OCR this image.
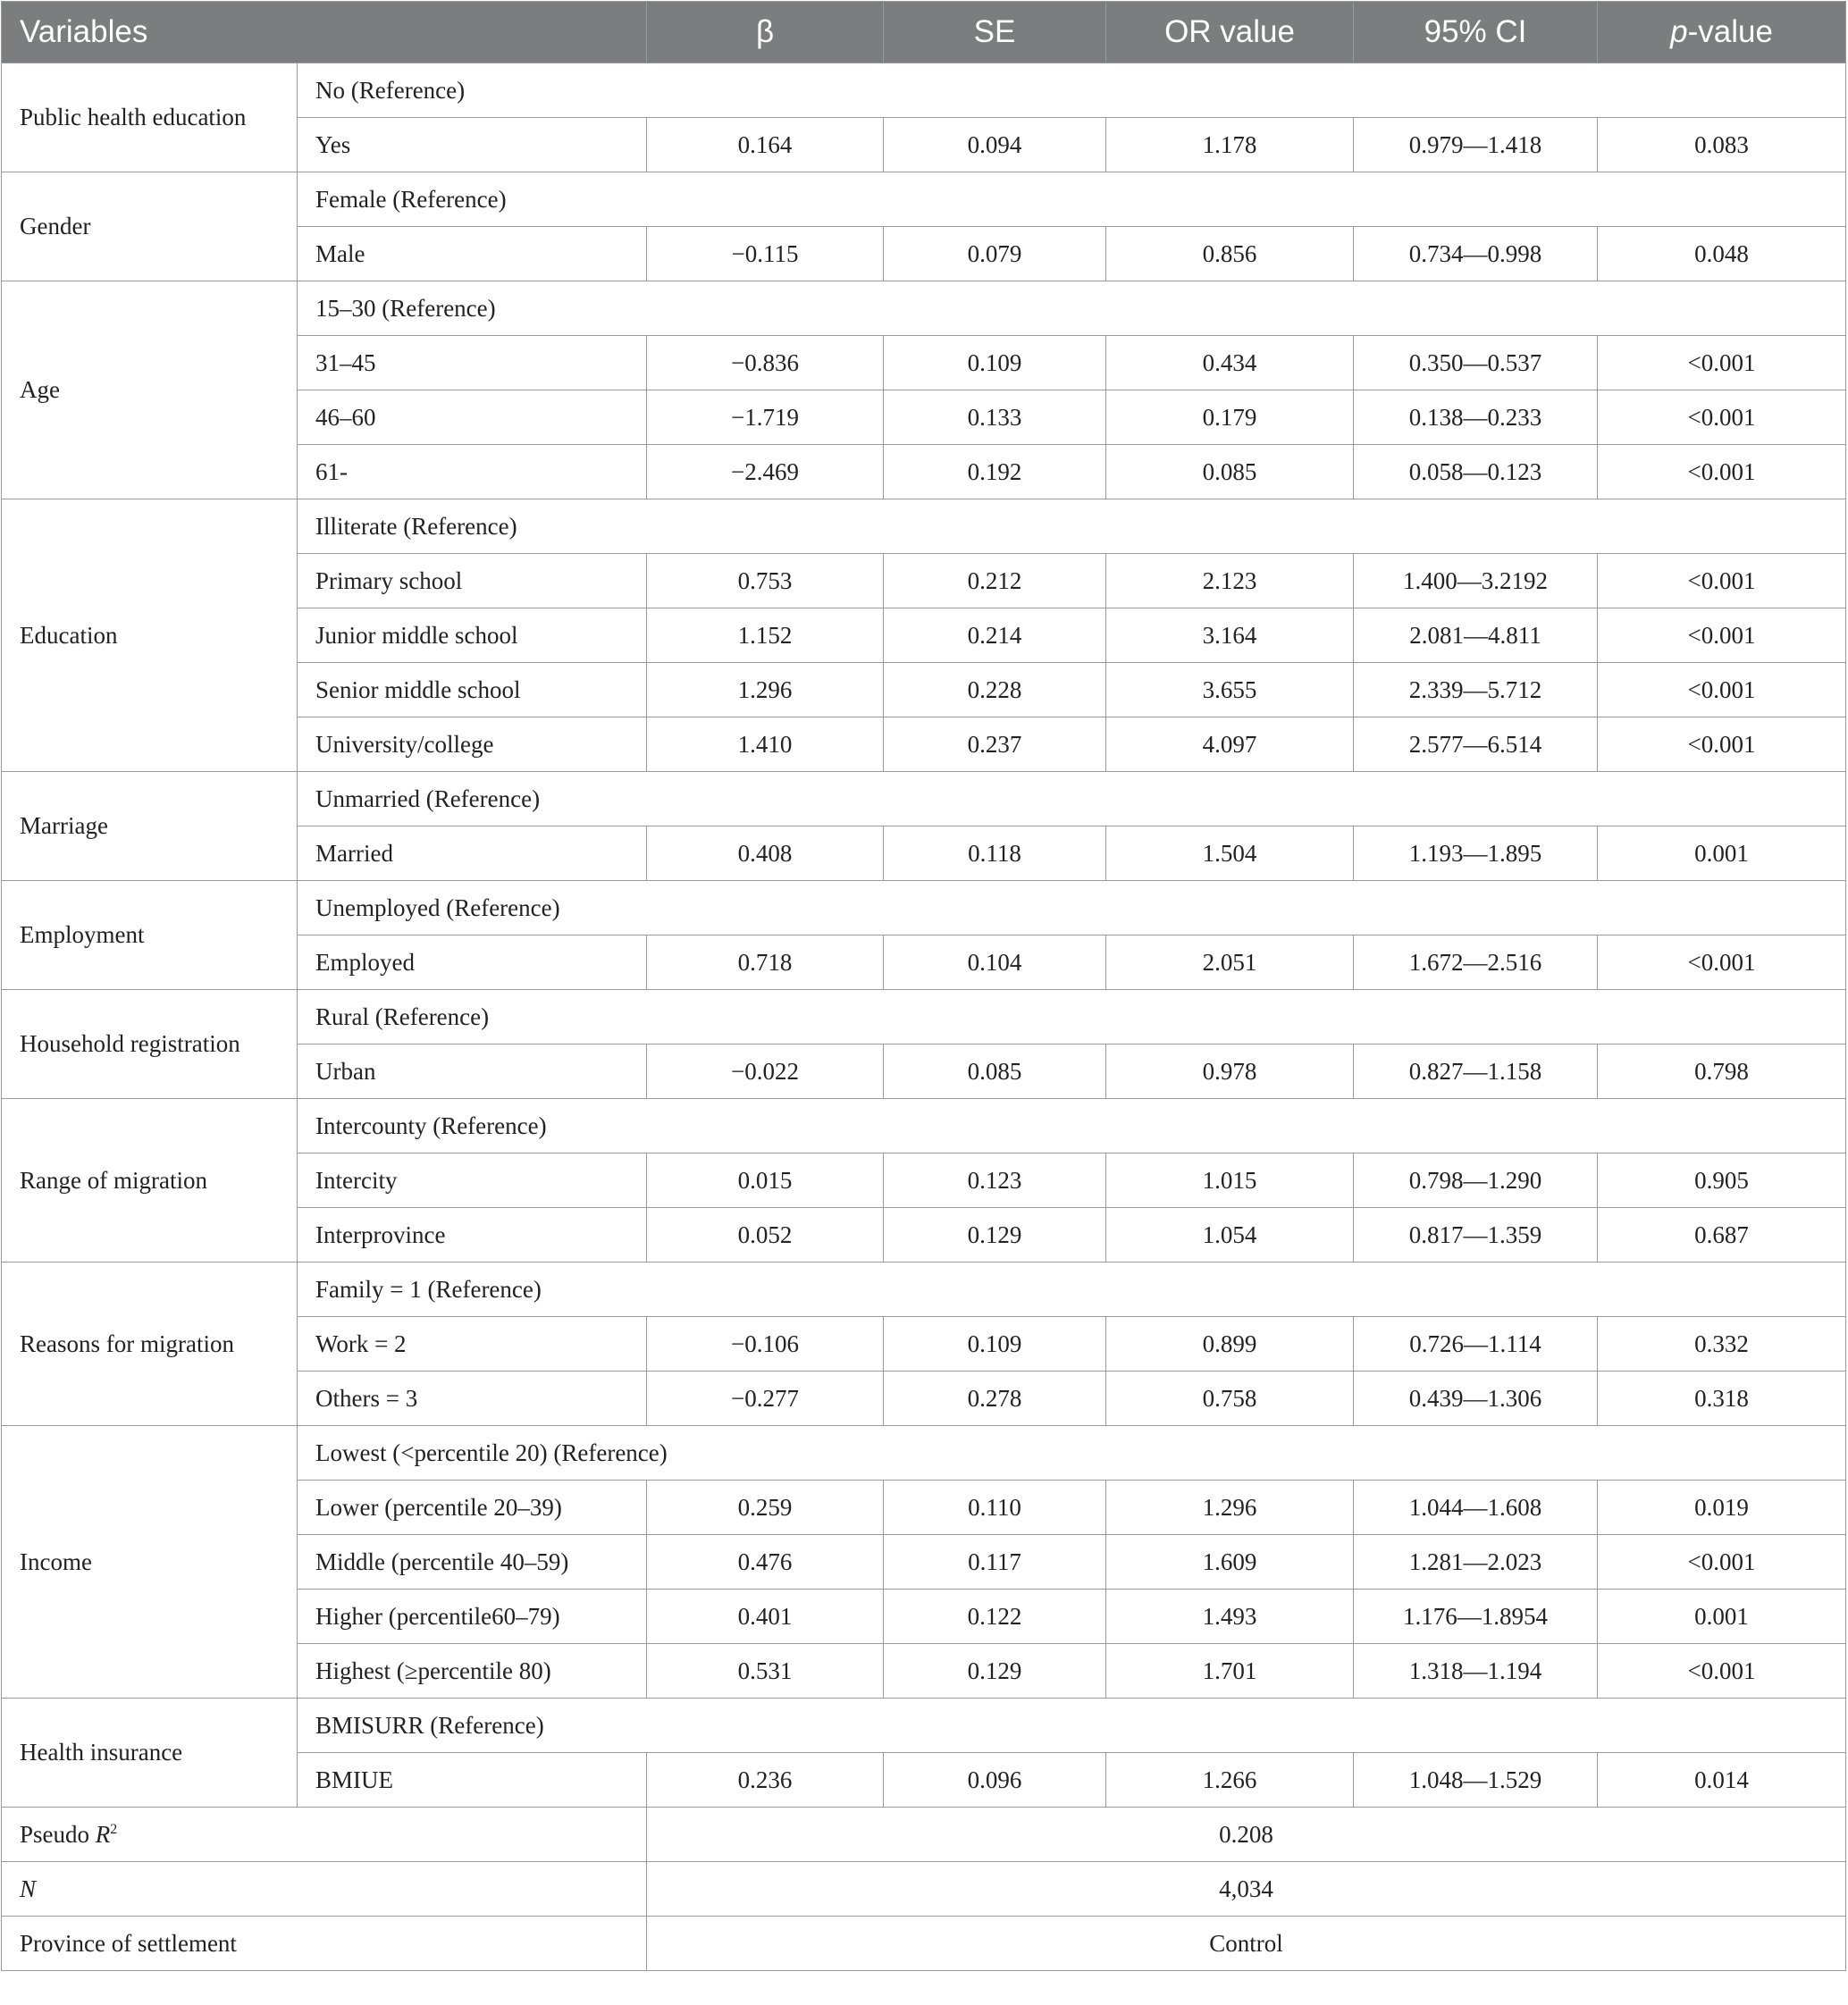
Variables		β	SE	OR value	95% CI	p-value
Public health education	No (Reference)					
	Yes	0.164	0.094	1.178	0.979—1.418	0.083
Gender	Female (Reference)					
	Male	−0.115	0.079	0.856	0.734—0.998	0.048
Age	15–30 (Reference)					
	31–45	−0.836	0.109	0.434	0.350—0.537	<0.001
	46–60	−1.719	0.133	0.179	0.138—0.233	<0.001
	61-	−2.469	0.192	0.085	0.058—0.123	<0.001
Education	Illiterate (Reference)					
	Primary school	0.753	0.212	2.123	1.400—3.2192	<0.001
	Junior middle school	1.152	0.214	3.164	2.081—4.811	<0.001
	Senior middle school	1.296	0.228	3.655	2.339—5.712	<0.001
	University/college	1.410	0.237	4.097	2.577—6.514	<0.001
Marriage	Unmarried (Reference)					
	Married	0.408	0.118	1.504	1.193—1.895	0.001
Employment	Unemployed (Reference)					
	Employed	0.718	0.104	2.051	1.672—2.516	<0.001
Household registration	Rural (Reference)					
	Urban	−0.022	0.085	0.978	0.827—1.158	0.798
Range of migration	Intercounty (Reference)					
	Intercity	0.015	0.123	1.015	0.798—1.290	0.905
	Interprovince	0.052	0.129	1.054	0.817—1.359	0.687
Reasons for migration	Family = 1 (Reference)					
	Work = 2	−0.106	0.109	0.899	0.726—1.114	0.332
	Others = 3	−0.277	0.278	0.758	0.439—1.306	0.318
Income	Lowest (<percentile 20) (Reference)					
	Lower (percentile 20–39)	0.259	0.110	1.296	1.044—1.608	0.019
	Middle (percentile 40–59)	0.476	0.117	1.609	1.281—2.023	<0.001
	Higher (percentile60–79)	0.401	0.122	1.493	1.176—1.8954	0.001
	Highest (≥percentile 80)	0.531	0.129	1.701	1.318—1.194	<0.001
Health insurance	BMISURR (Reference)					
	BMIUE	0.236	0.096	1.266	1.048—1.529	0.014
Pseudo $R^2$		0.208				
N		4,034				
Province of settlement		Control				
